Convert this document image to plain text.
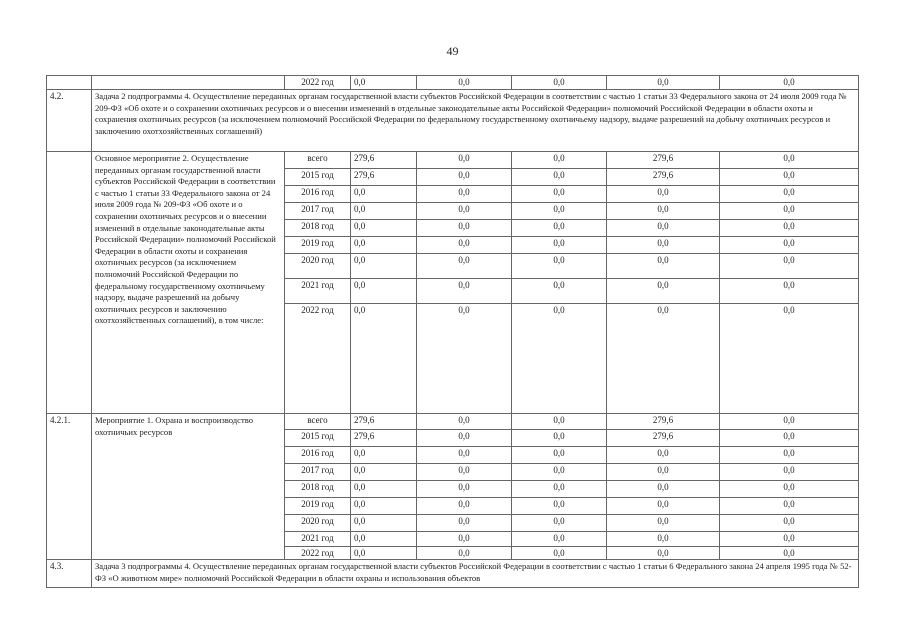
49
		2022 год	0,0	0,0	0,0	0,0	0,0
4.2.	Задача 2 подпрограммы 4. Осуществление переданных органам государственной власти субъектов Российской Федерации в соответствии с частью 1 статьи 33 Федерального закона от 24 июля 2009 года № 209-ФЗ «Об охоте и о сохранении охотничьих ресурсов и о внесении изменений в отдельные законодательные акты Российской Федерации» полномочий Российской Федерации в области охоты и сохранения охотничьих ресурсов (за исключением полномочий Российской Федерации по федеральному государственному охотничьему надзору, выдаче разрешений на добычу охотничьих ресурсов и заключению охотхозяйственных соглашений)						
	Основное мероприятие 2. Осуществление переданных органам государственной власти субъектов Российской Федерации в соответствии с частью 1 статьи 33 Федерального закона от 24 июля 2009 года № 209-ФЗ «Об охоте и о сохранении охотничьих ресурсов и о внесении изменений в отдельные законодательные акты Российской Федерации» полномочий Российской Федерации в области охоты и сохранения охотничьих ресурсов (за исключением полномочий Российской Федерации по федеральному государственному охотничьему надзору, выдаче разрешений на добычу охотничьих ресурсов и заключению охотхозяйственных соглашений), в том числе:	всего	279,6	0,0	0,0	279,6	0,0
		2015 год	279,6	0,0	0,0	279,6	0,0
		2016 год	0,0	0,0	0,0	0,0	0,0
		2017 год	0,0	0,0	0,0	0,0	0,0
		2018 год	0,0	0,0	0,0	0,0	0,0
		2019 год	0,0	0,0	0,0	0,0	0,0
		2020 год	0,0	0,0	0,0	0,0	0,0
		2021 год	0,0	0,0	0,0	0,0	0,0
		2022 год	0,0	0,0	0,0	0,0	0,0
4.2.1.	Мероприятие 1. Охрана и воспроизводство охотничьих ресурсов	всего	279,6	0,0	0,0	279,6	0,0
		2015 год	279,6	0,0	0,0	279,6	0,0
		2016 год	0,0	0,0	0,0	0,0	0,0
		2017 год	0,0	0,0	0,0	0,0	0,0
		2018 год	0,0	0,0	0,0	0,0	0,0
		2019 год	0,0	0,0	0,0	0,0	0,0
		2020 год	0,0	0,0	0,0	0,0	0,0
		2021 год	0,0	0,0	0,0	0,0	0,0
		2022 год	0,0	0,0	0,0	0,0	0,0
4.3.	Задача 3 подпрограммы 4. Осуществление переданных органам государственной власти субъектов Российской Федерации в соответствии с частью 1 статьи 6 Федерального закона 24 апреля 1995 года № 52-ФЗ «О животном мире» полномочий Российской Федерации в области охраны и использования объектов						
